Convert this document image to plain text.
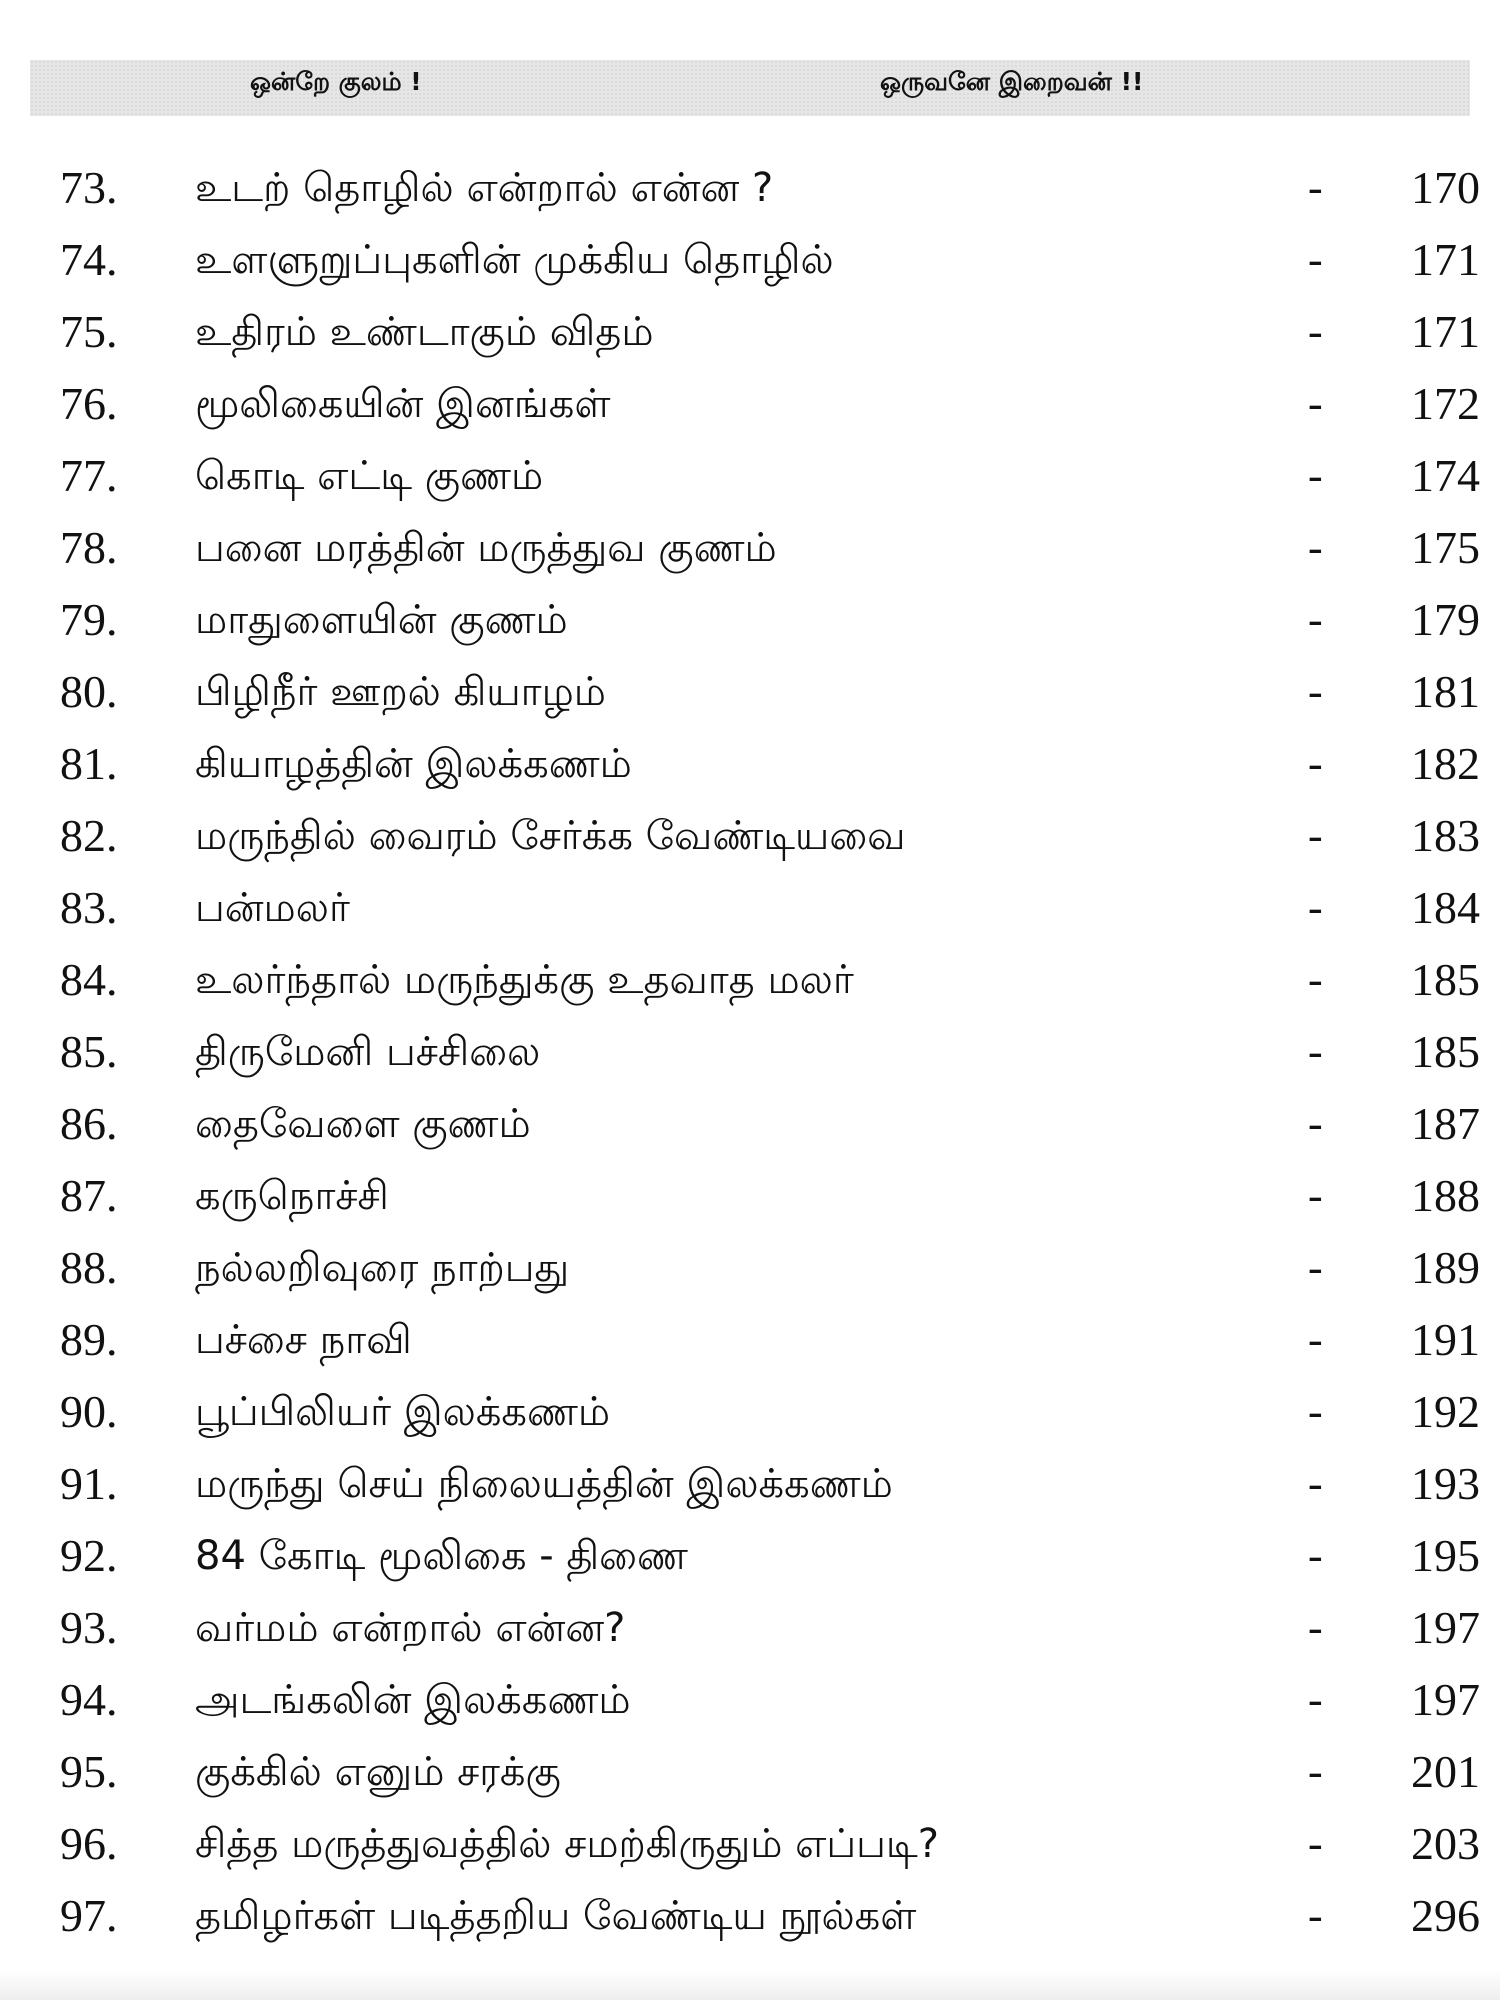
ஒன்றே குலம் !	ஒருவனே இறைவன் !!
73.	உடற் தொழில் என்றால் என்ன ?	-	170
74.	உளளுறுப்புகளின் முக்கிய தொழில்	-	171
75.	உதிரம் உண்டாகும் விதம்	-	171
76.	மூலிகையின் இனங்கள்	-	172
77.	கொடி எட்டி குணம்	-	174
78.	பனை மரத்தின் மருத்துவ குணம்	-	175
79.	மாதுளையின் குணம்	-	179
80.	பிழிநீர் ஊறல் கியாழம்	-	181
81.	கியாழத்தின் இலக்கணம்	-	182
82.	மருந்தில் வைரம் சேர்க்க வேண்டியவை	-	183
83.	பன்மலர்	-	184
84.	உலர்ந்தால் மருந்துக்கு உதவாத மலர்	-	185
85.	திருமேனி பச்சிலை	-	185
86.	தைவேளை குணம்	-	187
87.	கருநொச்சி	-	188
88.	நல்லறிவுரை நாற்பது	-	189
89.	பச்சை நாவி	-	191
90.	பூப்பிலியர் இலக்கணம்	-	192
91.	மருந்து செய் நிலையத்தின் இலக்கணம்	-	193
92.	84 கோடி மூலிகை - திணை	-	195
93.	வர்மம் என்றால் என்ன?	-	197
94.	அடங்கலின் இலக்கணம்	-	197
95.	குக்கில் எனும் சரக்கு	-	201
96.	சித்த மருத்துவத்தில் சமற்கிருதும் எப்படி?	-	203
97.	தமிழர்கள் படித்தறிய வேண்டிய நூல்கள்	-	296
